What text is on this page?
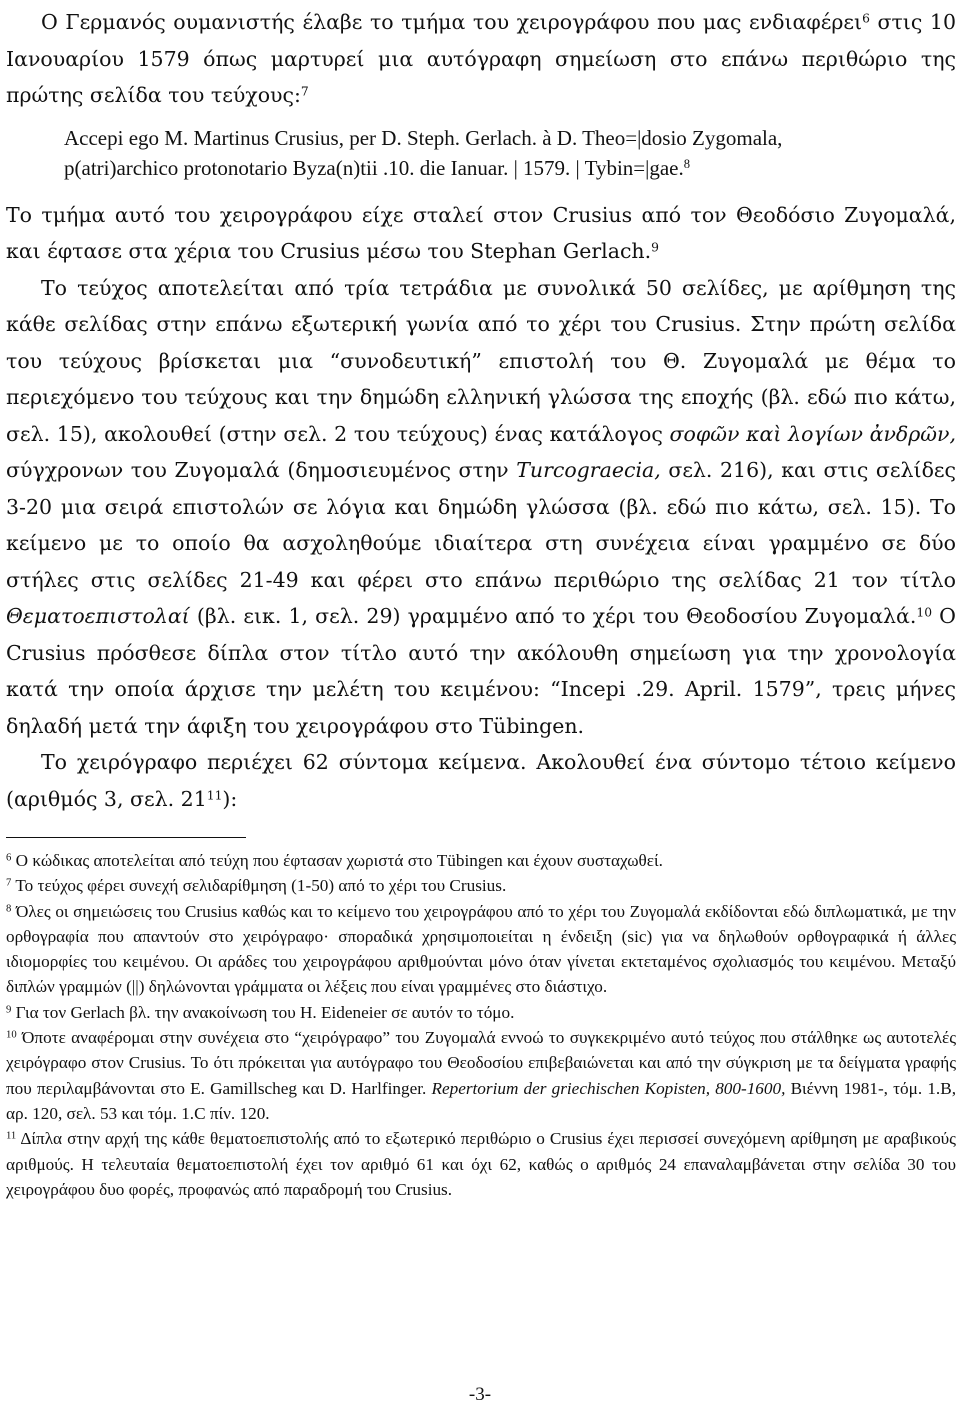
Ο Γερμανός ουμανιστής έλαβε το τμήμα του χειρογράφου που μας ενδιαφέρει$^6$ στις 10 Ιανουαρίου 1579 όπως μαρτυρεί μια αυτόγραφη σημείωση στο επάνω περιθώριο της πρώτης σελίδα του τεύχους:$^7$

Accepi ego M. Martinus Crusius, per D. Steph. Gerlach. à D. Theo=|dosio Zygomala,
p(atri)archico protonotario Byza(n)tii .10. die Ianuar. | 1579. | Tybin=|gae.$^8$

Το τμήμα αυτό του χειρογράφου είχε σταλεί στον Crusius από τον Θεοδόσιο Ζυγομαλά, και έφτασε στα χέρια του Crusius μέσω του Stephan Gerlach.$^9$

Το τεύχος αποτελείται από τρία τετράδια με συνολικά 50 σελίδες, με αρίθμηση της κάθε σελίδας στην επάνω εξωτερική γωνία από το χέρι του Crusius. Στην πρώτη σελίδα του τεύχους βρίσκεται μια “συνοδευτική” επιστολή του Θ. Ζυγομαλά με θέμα το περιεχόμενο του τεύχους και την δημώδη ελληνική γλώσσα της εποχής (βλ. εδώ πιο κάτω, σελ. 15), ακολουθεί (στην σελ. 2 του τεύχους) ένας κατάλογος σοφῶν καὶ λογίων ἀνδρῶν, σύγχρονων του Ζυγομαλά (δημοσιευμένος στην Turcograecia, σελ. 216), και στις σελίδες 3-20 μια σειρά επιστολών σε λόγια και δημώδη γλώσσα (βλ. εδώ πιο κάτω, σελ. 15). Το κείμενο με το οποίο θα ασχοληθούμε ιδιαίτερα στη συνέχεια είναι γραμμένο σε δύο στήλες στις σελίδες 21-49 και φέρει στο επάνω περιθώριο της σελίδας 21 τον τίτλο Θεματοεπιστολαί (βλ. εικ. 1, σελ. 29) γραμμένο από το χέρι του Θεοδοσίου Ζυγομαλά.$^{10}$ Ο Crusius πρόσθεσε δίπλα στον τίτλο αυτό την ακόλουθη σημείωση για την χρονολογία κατά την οποία άρχισε την μελέτη του κειμένου: “Incepi .29. April. 1579”, τρεις μήνες δηλαδή μετά την άφιξη του χειρογράφου στο Tübingen.

Το χειρόγραφο περιέχει 62 σύντομα κείμενα. Ακολουθεί ένα σύντομο τέτοιο κείμενο (αριθμός 3, σελ. $21^{11}$):

$^6$ Ο κώδικας αποτελείται από τεύχη που έφτασαν χωριστά στο Tübingen και έχουν συσταχωθεί.

$^7$ Το τεύχος φέρει συνεχή σελιδαρίθμηση (1-50) από το χέρι του Crusius.

$^8$ Όλες οι σημειώσεις του Crusius καθώς και το κείμενο του χειρογράφου από το χέρι του Ζυγομαλά εκδίδονται εδώ διπλωματικά, με την ορθογραφία που απαντούν στο χειρόγραφο· σποραδικά χρησιμοποιείται η ένδειξη (sic) για να δηλωθούν ορθογραφικά ή άλλες ιδιομορφίες του κειμένου. Οι αράδες του χειρογράφου αριθμούνται μόνο όταν γίνεται εκτεταμένος σχολιασμός του κειμένου. Μεταξύ διπλών γραμμών (||) δηλώνονται γράμματα οι λέξεις που είναι γραμμένες στο διάστιχο.

$^9$ Για τον Gerlach βλ. την ανακοίνωση του H. Eideneier σε αυτόν το τόμο.

$^{10}$ Όποτε αναφέρομαι στην συνέχεια στο “χειρόγραφο” του Ζυγομαλά εννοώ το συγκεκριμένο αυτό τεύχος που στάλθηκε ως αυτοτελές χειρόγραφο στον Crusius. Το ότι πρόκειται για αυτόγραφο του Θεοδοσίου επιβεβαιώνεται και από την σύγκριση με τα δείγματα γραφής που περιλαμβάνονται στο E. Gamillscheg και D. Harlfinger. Repertorium der griechischen Kopisten, 800-1600, Βιέννη 1981-, τόμ. 1.B, αρ. 120, σελ. 53 και τόμ. 1.C πίν. 120.

$^{11}$ Δίπλα στην αρχή της κάθε θεματοεπιστολής από το εξωτερικό περιθώριο ο Crusius έχει περισσεί συνεχόμενη αρίθμηση με αραβικούς αριθμούς. Η τελευταία θεματοεπιστολή έχει τον αριθμό 61 και όχι 62, καθώς ο αριθμός 24 επαναλαμβάνεται στην σελίδα 30 του χειρογράφου δυο φορές, προφανώς από παραδρομή του Crusius.

-3-
